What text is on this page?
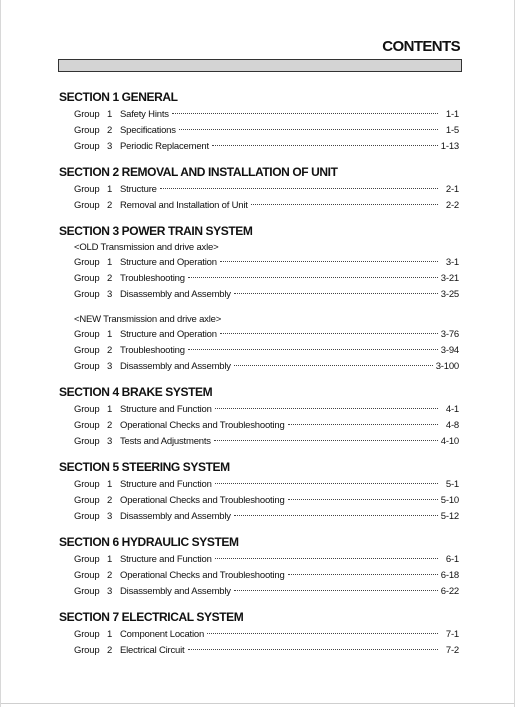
CONTENTS
SECTION 1 GENERAL
Group 1 Safety Hints	1-1
Group 2 Specifications	1-5
Group 3 Periodic Replacement	1-13
SECTION 2 REMOVAL AND INSTALLATION OF UNIT
Group 1 Structure	2-1
Group 2 Removal and Installation of Unit	2-2
SECTION 3 POWER TRAIN SYSTEM
<OLD Transmission and drive axle>
Group 1 Structure and Operation	3-1
Group 2 Troubleshooting	3-21
Group 3 Disassembly and Assembly	3-25
<NEW Transmission and drive axle>
Group 1 Structure and Operation	3-76
Group 2 Troubleshooting	3-94
Group 3 Disassembly and Assembly	3-100
SECTION 4 BRAKE SYSTEM
Group 1 Structure and Function	4-1
Group 2 Operational Checks and Troubleshooting	4-8
Group 3 Tests and Adjustments	4-10
SECTION 5 STEERING SYSTEM
Group 1 Structure and Function	5-1
Group 2 Operational Checks and Troubleshooting	5-10
Group 3 Disassembly and Assembly	5-12
SECTION 6 HYDRAULIC SYSTEM
Group 1 Structure and Function	6-1
Group 2 Operational Checks and Troubleshooting	6-18
Group 3 Disassembly and Assembly	6-22
SECTION 7 ELECTRICAL SYSTEM
Group 1 Component Location	7-1
Group 2 Electrical Circuit	7-2
